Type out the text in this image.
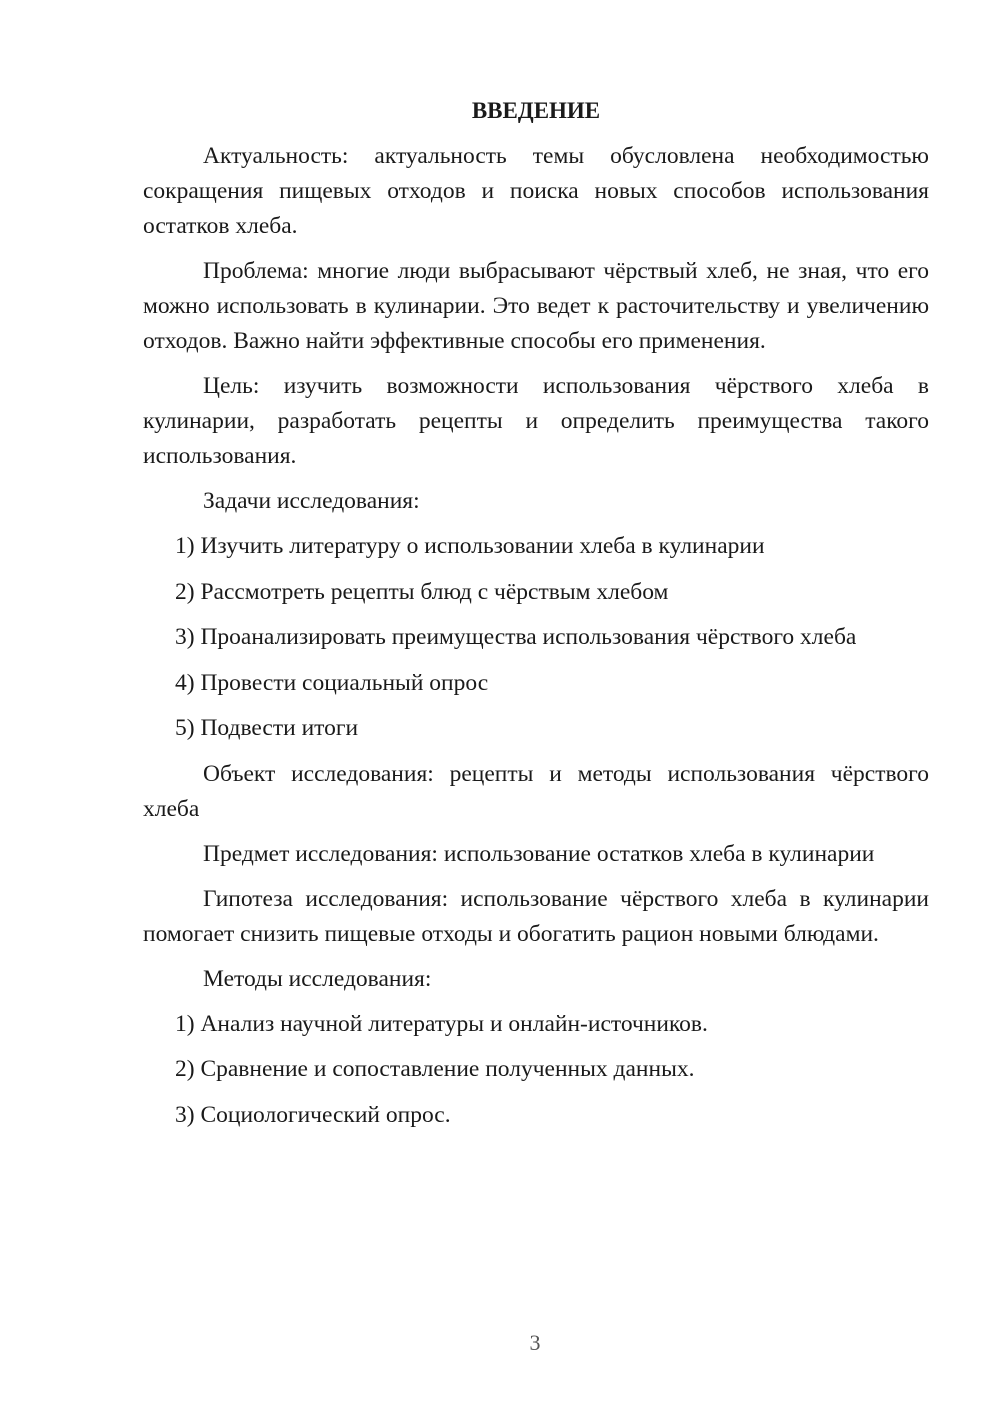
ВВЕДЕНИЕ

Актуальность: актуальность темы обусловлена необходимостью сокращения пищевых отходов и поиска новых способов использования остатков хлеба.

Проблема: многие люди выбрасывают чёрствый хлеб, не зная, что его можно использовать в кулинарии. Это ведет к расточительству и увеличению отходов. Важно найти эффективные способы его применения.

Цель: изучить возможности использования чёрствого хлеба в кулинарии, разработать рецепты и определить преимущества такого использования.

Задачи исследования:

1) Изучить литературу о использовании хлеба в кулинарии
2) Рассмотреть рецепты блюд с чёрствым хлебом
3) Проанализировать преимущества использования чёрствого хлеба
4) Провести социальный опрос
5) Подвести итоги

Объект исследования: рецепты и методы использования чёрствого хлеба

Предмет исследования: использование остатков хлеба в кулинарии

Гипотеза исследования: использование чёрствого хлеба в кулинарии помогает снизить пищевые отходы и обогатить рацион новыми блюдами.

Методы исследования:

1) Анализ научной литературы и онлайн-источников.
2) Сравнение и сопоставление полученных данных.
3) Социологический опрос.
3
